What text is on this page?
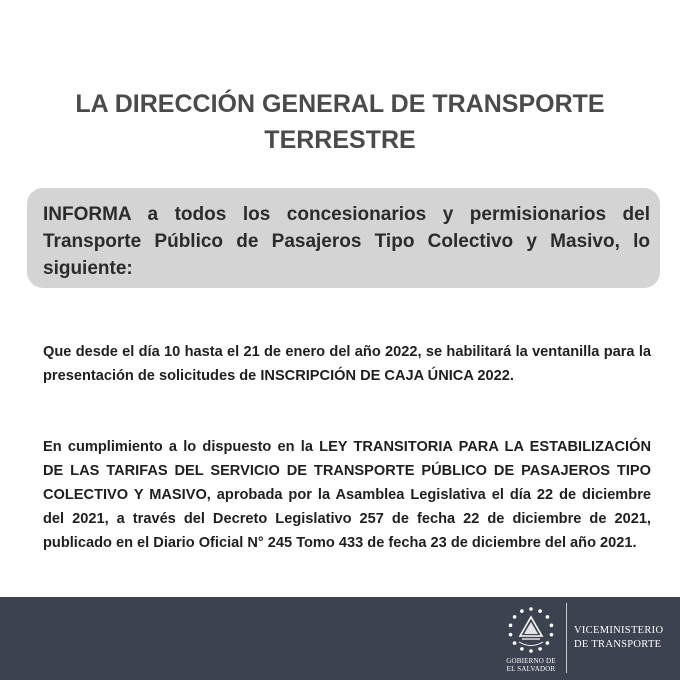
LA DIRECCIÓN GENERAL DE TRANSPORTE
TERRESTRE

INFORMA a todos los concesionarios y permisionarios del Transporte Público de Pasajeros Tipo Colectivo y Masivo, lo siguiente:

Que desde el día 10 hasta el 21 de enero del año 2022, se habilitará la ventanilla para la presentación de solicitudes de INSCRIPCIÓN DE CAJA ÚNICA 2022.

En cumplimiento a lo dispuesto en la LEY TRANSITORIA PARA LA ESTABILIZACIÓN DE LAS TARIFAS DEL SERVICIO DE TRANSPORTE PÚBLICO DE PASAJEROS TIPO COLECTIVO Y MASIVO, aprobada por la Asamblea Legislativa el día 22 de diciembre del 2021, a través del Decreto Legislativo 257 de fecha 22 de diciembre de 2021, publicado en el Diario Oficial N° 245 Tomo 433 de fecha 23 de diciembre del año 2021.

GOBIERNO DE
EL SALVADOR
VICEMINISTERIO
DE TRANSPORTE
